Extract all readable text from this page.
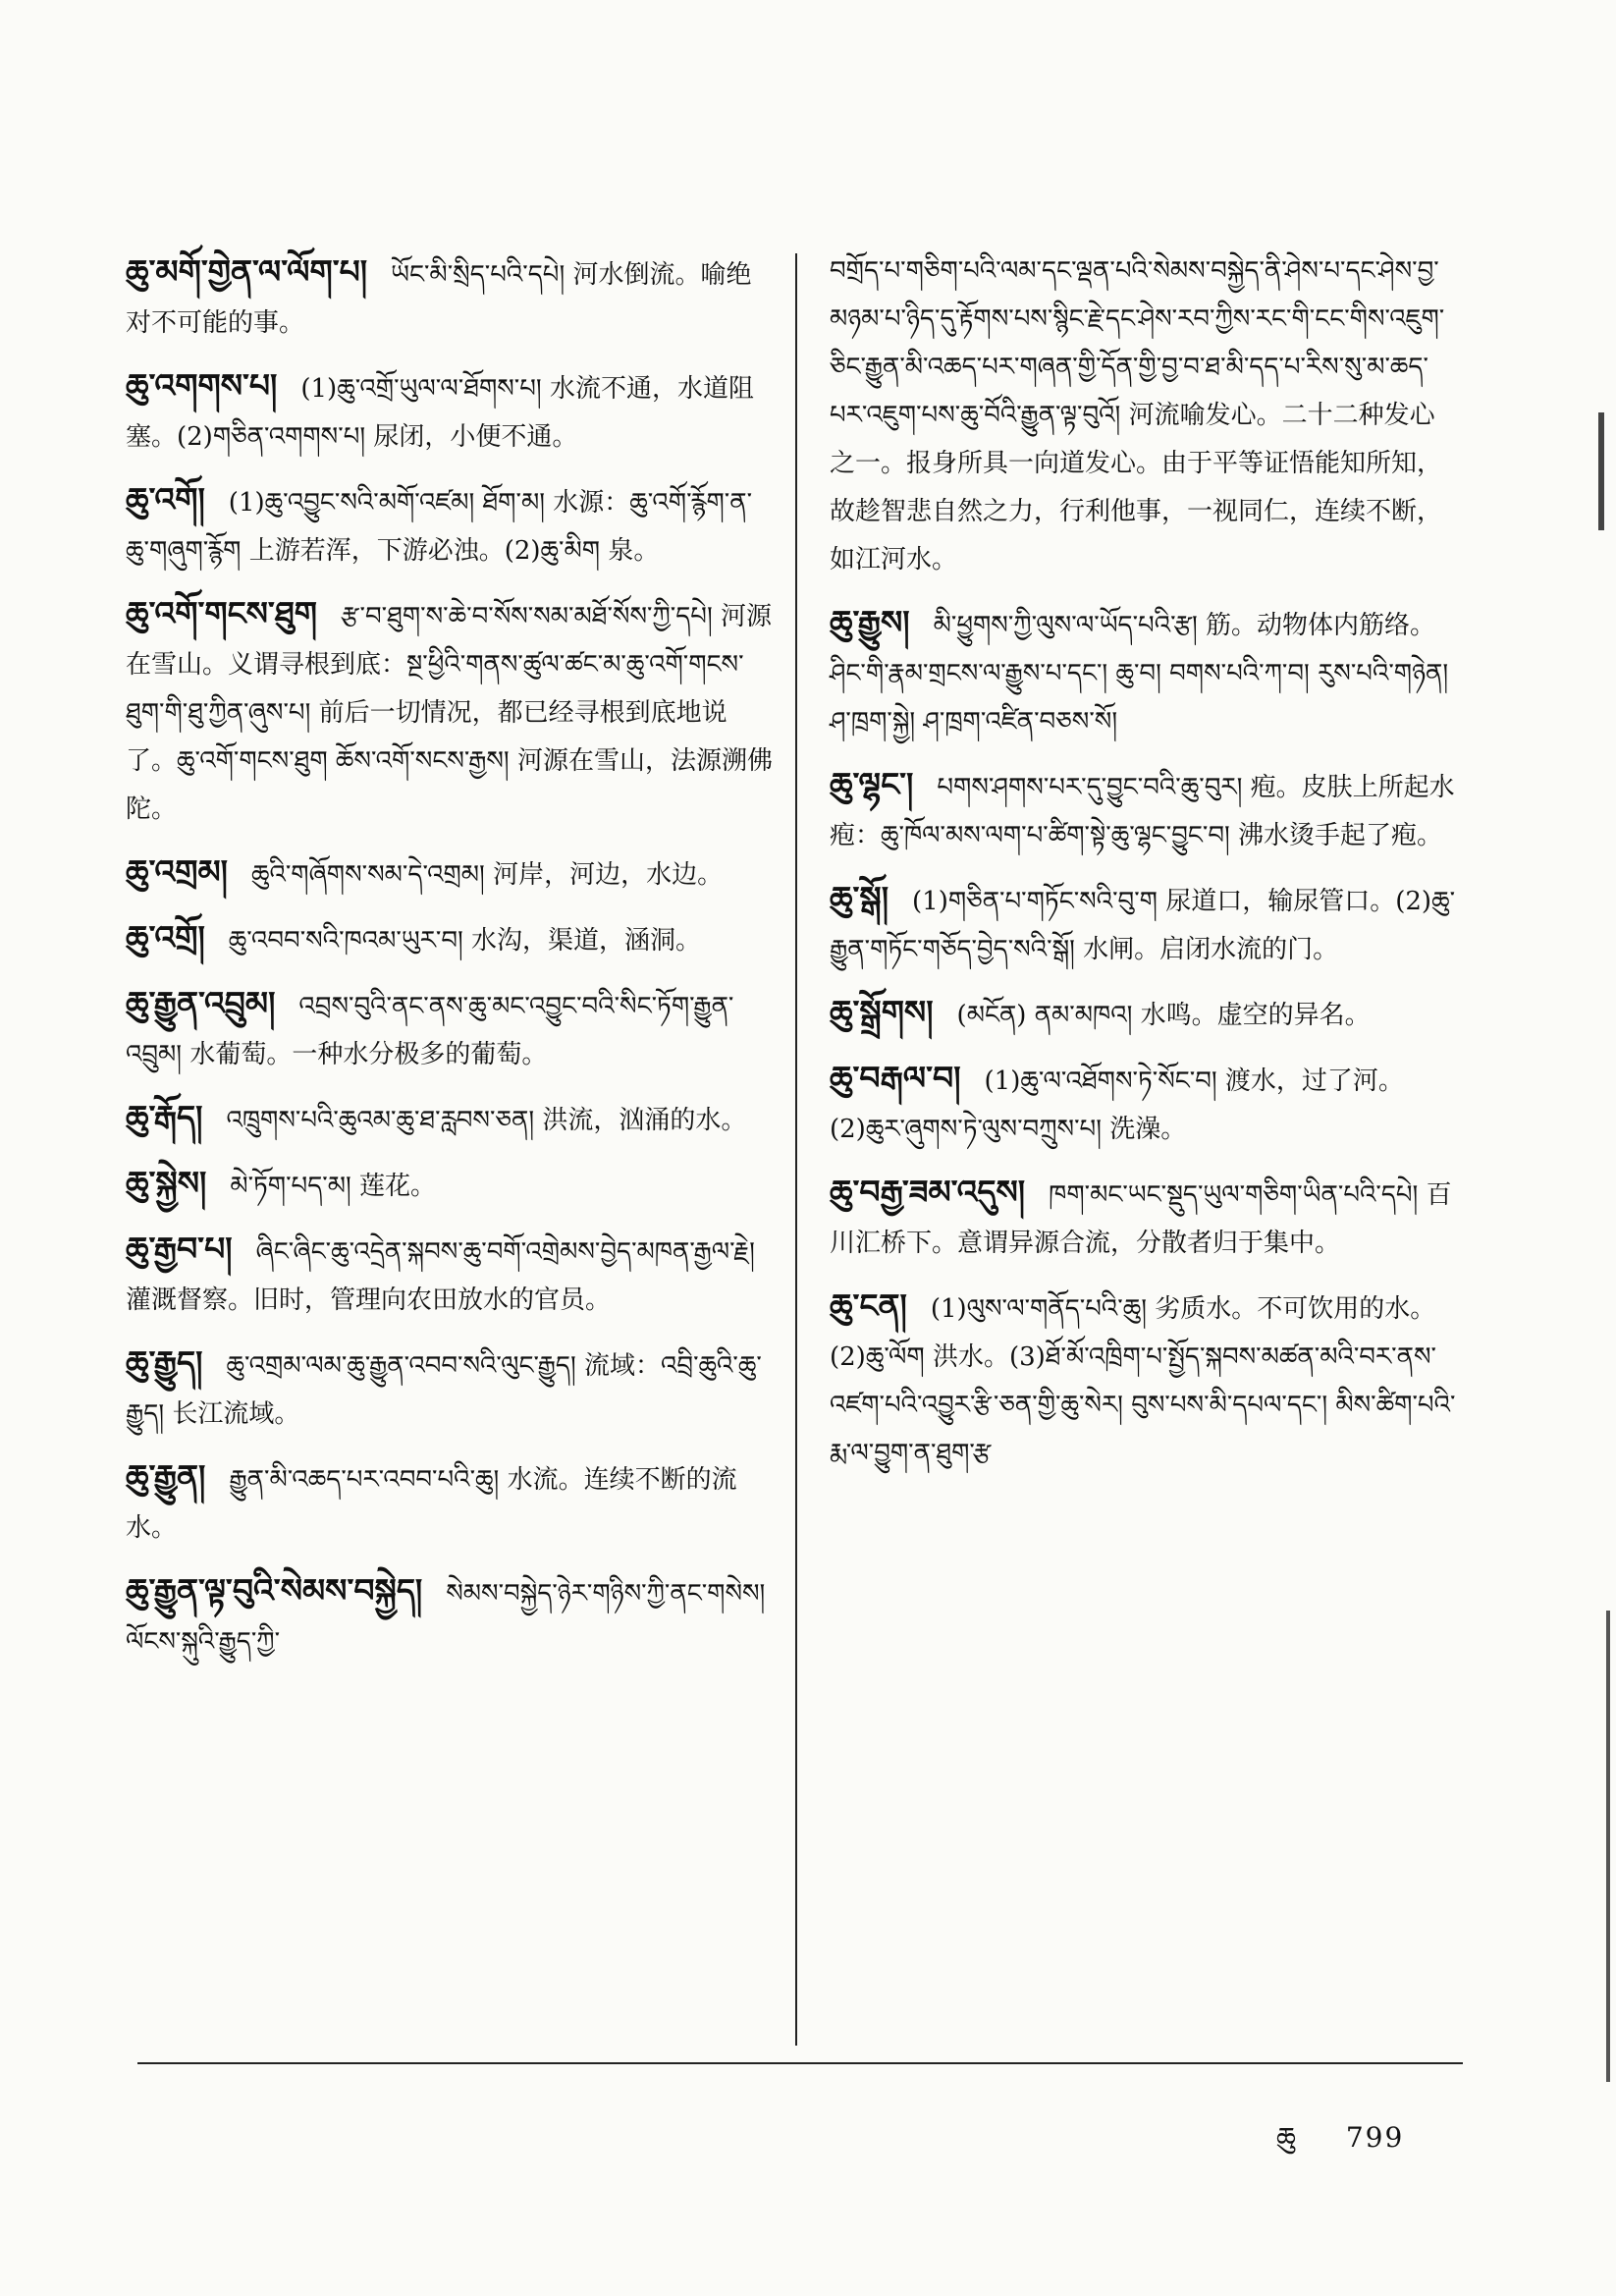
ཆུ་མགོ་གྱེན་ལ་ལོག་པ། ཡོང་མི་སྲིད་པའི་དཔེ། 河水倒流。喻绝对不可能的事。
ཆུ་འགགས་པ། (1)ཆུ་འགྲོ་ཡུལ་ལ་ཐོགས་པ། 水流不通，水道阻塞。(2)གཅིན་འགགས་པ། 尿闭，小便不通。
ཆུ་འགོ། (1)ཆུ་འབྱུང་སའི་མགོ་འཛམ། ཐོག་མ། 水源：ཆུ་འགོ་རྙོག་ན་ཆུ་གཞུག་རྙོག 上游若浑，下游必浊。(2)ཆུ་མིག 泉。
ཆུ་འགོ་གངས་ཐུག རྩ་བ་ཐུག་ས་ཆེ་བ་སོས་སམ་མཐོ་སོས་ཀྱི་དཔེ། 河源在雪山。义谓寻根到底：སྔ་ཕྱིའི་གནས་ཚུལ་ཚང་མ་ཆུ་འགོ་གངས་ཐུག་གི་ཐུ་ཀྱིན་ཞུས་པ། 前后一切情况，都已经寻根到底地说了。ཆུ་འགོ་གངས་ཐུག ཆོས་འགོ་སངས་རྒྱས། 河源在雪山，法源溯佛陀。
ཆུ་འགྲམ། ཆུའི་གཞོགས་སམ་དེ་འགྲམ། 河岸，河边，水边。
ཆུ་འགྲོ། ཆུ་འབབ་སའི་ཁའམ་ཡུར་བ། 水沟，渠道，涵洞。
ཆུ་རྒྱུན་འབྲུམ། འབྲས་བུའི་ནང་ནས་ཆུ་མང་འབྱུང་བའི་སིང་ཏོག་རྒྱུན་འབྲུམ། 水葡萄。一种水分极多的葡萄。
ཆུ་རྒོད། འཁྲུགས་པའི་ཆུའམ་ཆུ་ཐ་རླབས་ཅན། 洪流，汹涌的水。
ཆུ་སྐྱེས། མེ་ཏོག་པད་མ། 莲花。
ཆུ་རྒྱབ་པ། ཞིང་ཞིང་ཆུ་འདྲེན་སྐབས་ཆུ་བགོ་འགྲེམས་བྱེད་མཁན་རྒྱལ་རྗེ། 灌溉督察。旧时，管理向农田放水的官员。
ཆུ་རྒྱུད། ཆུ་འགྲམ་ལམ་ཆུ་རྒྱུན་འབབ་སའི་ལུང་རྒྱུད། 流域：འབྲི་ཆུའི་ཆུ་རྒྱུད། 长江流域。
ཆུ་རྒྱུན། རྒྱུན་མི་འཆད་པར་འབབ་པའི་ཆུ། 水流。连续不断的流水。
ཆུ་རྒྱུན་ལྟ་བུའི་སེམས་བསྐྱེད། སེམས་བསྐྱེད་ཉེར་གཉིས་ཀྱི་ནང་གསེས། ལོངས་སྐུའི་རྒྱུད་ཀྱི་
བགྲོད་པ་གཅིག་པའི་ལམ་དང་ལྡན་པའི་སེམས་བསྐྱེད་ནི་ཤེས་པ་དང་ཤེས་བྱ་མཉམ་པ་ཉིད་དུ་རྟོགས་པས་སྙིང་རྗེ་དང་ཤེས་རབ་ཀྱིས་རང་གི་ངང་གིས་འཇུག་ཅིང་རྒྱུན་མི་འཆད་པར་གཞན་གྱི་དོན་གྱི་བྱ་བ་ཐ་མི་དད་པ་རིས་སུ་མ་ཆད་པར་འཇུག་པས་ཆུ་བོའི་རྒྱུན་ལྟ་བུའོ། 河流喻发心。二十二种发心之一。报身所具一向道发心。由于平等证悟能知所知，故趁智悲自然之力，行利他事，一视同仁，连续不断，如江河水。
ཆུ་རྒྱུས། མི་ཕྱུགས་ཀྱི་ལུས་ལ་ཡོད་པའི་རྩ། 筋。动物体内筋络。ཤིང་གི་རྣམ་གྲངས་ལ་རྒྱུས་པ་དང་། ཆུ་བ། བགས་པའི་ཀ་བ། རུས་པའི་གཉེན། ཤ་ཁྲག་སྐྱེ། ཤ་ཁྲག་འཛིན་བཅས་སོ།
ཆུ་ལྷང་། པགས་ཤགས་པར་དུ་བྱུང་བའི་ཆུ་བུར། 疱。皮肤上所起水疱：ཆུ་ཁོལ་མས་ལག་པ་ཚིག་སྟེ་ཆུ་ལྷང་བྱུང་བ། 沸水烫手起了疱。
ཆུ་སྒོ། (1)གཅིན་པ་གཏོང་སའི་བུ་ག 尿道口，输尿管口。(2)ཆུ་རྒྱུན་གཏོང་གཅོད་བྱེད་སའི་སྒོ། 水闸。启闭水流的门。
ཆུ་སྒྲོགས། (མངོན) ནམ་མཁའ། 水鸣。虚空的异名。
ཆུ་བརྒལ་བ། (1)ཆུ་ལ་འཐོགས་ཏེ་སོང་བ། 渡水，过了河。(2)ཆུར་ཞུགས་ཏེ་ལུས་བཀྲུས་པ། 洗澡。
ཆུ་བརྒྱ་ཟམ་འདུས། ཁག་མང་ཡང་སྡུད་ཡུལ་གཅིག་ཡིན་པའི་དཔེ། 百川汇桥下。意谓异源合流，分散者归于集中。
ཆུ་ངན། (1)ལུས་ལ་གནོད་པའི་ཆུ། 劣质水。不可饮用的水。(2)ཆུ་ལོག 洪水。(3)ཐོ་མོ་འཁྲིག་པ་སྤྱོད་སྐབས་མཚན་མའི་བར་ནས་འཛག་པའི་འབྱུར་རྩི་ཅན་གྱི་ཆུ་སེར། བུས་པས་མི་དཔལ་དང་། མིས་ཚིག་པའི་རྨ་ལ་བྱུག་ན་ཐུག་རྩ
ཆུ 799
